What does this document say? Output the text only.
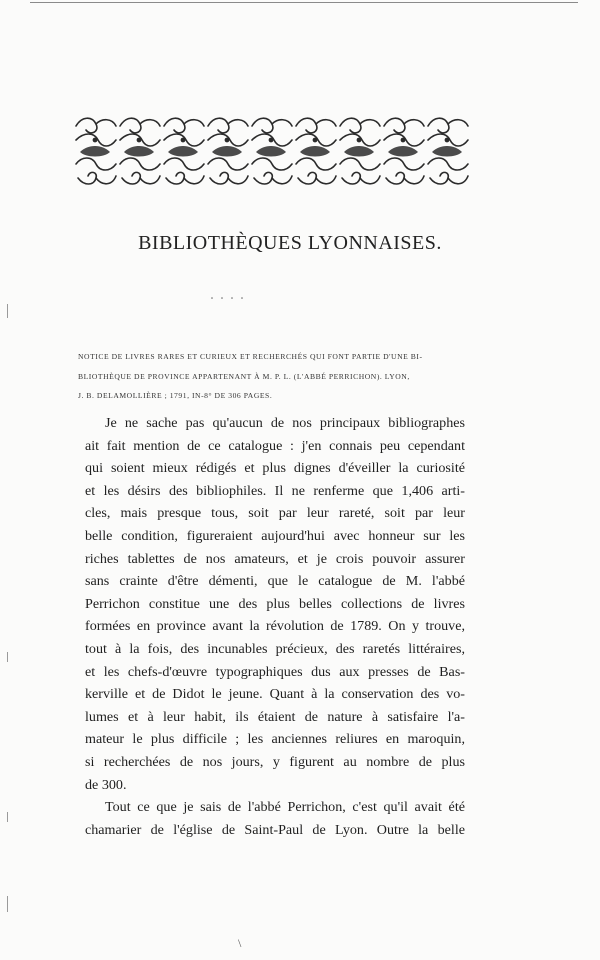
BIBLIOTHÈQUES LYONNAISES.
NOTICE DE LIVRES RARES ET CURIEUX ET RECHERCHÉS QUI FONT PARTIE D'UNE BI-
BLIOTHÈQUE DE PROVINCE APPARTENANT À M. P. L. (L'ABBÉ PERRICHON). LYON,
J. B. DELAMOLLIÈRE ; 1791, IN-8° DE 306 PAGES.
Je ne sache pas qu'aucun de nos principaux bibliographes
ait fait mention de ce catalogue : j'en connais peu cependant
qui soient mieux rédigés et plus dignes d'éveiller la curiosité
et les désirs des bibliophiles. Il ne renferme que 1,406 arti-
cles, mais presque tous, soit par leur rareté, soit par leur
belle condition, figureraient aujourd'hui avec honneur sur les
riches tablettes de nos amateurs, et je crois pouvoir assurer
sans crainte d'être démenti, que le catalogue de M. l'abbé
Perrichon constitue une des plus belles collections de livres
formées en province avant la révolution de 1789. On y trouve,
tout à la fois, des incunables précieux, des raretés littéraires,
et les chefs-d'œuvre typographiques dus aux presses de Bas-
kerville et de Didot le jeune. Quant à la conservation des vo-
lumes et à leur habit, ils étaient de nature à satisfaire l'a-
mateur le plus difficile ; les anciennes reliures en maroquin,
si recherchées de nos jours, y figurent au nombre de plus
de 300.
Tout ce que je sais de l'abbé Perrichon, c'est qu'il avait été
chamarier de l'église de Saint-Paul de Lyon. Outre la belle
\
